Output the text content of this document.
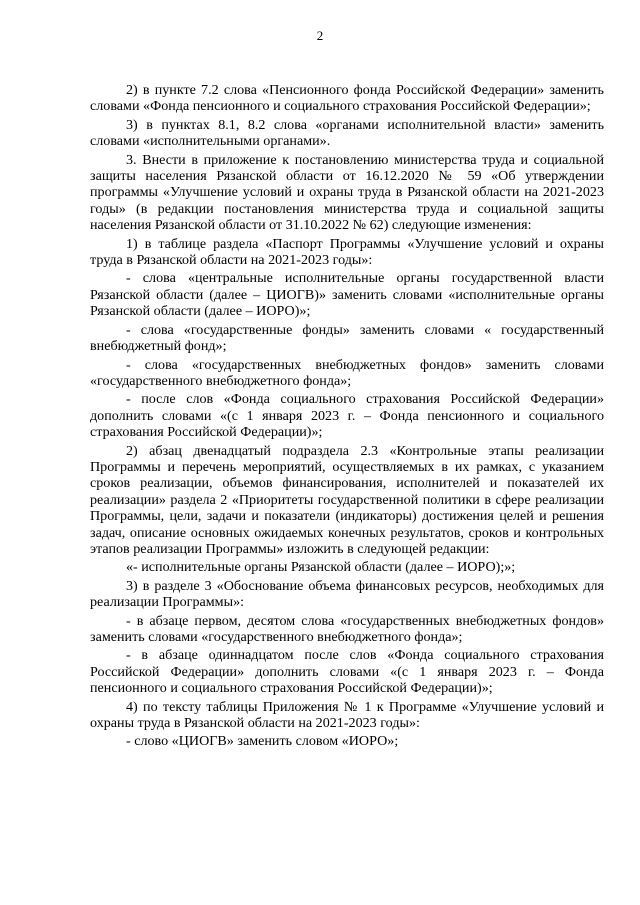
2

2) в пункте 7.2 слова «Пенсионного фонда Российской Федерации» заменить словами «Фонда пенсионного и социального страхования Российской Федерации»;

3) в пунктах 8.1, 8.2 слова «органами исполнительной власти» заменить словами «исполнительными органами».

3. Внести в приложение к постановлению министерства труда и социальной защиты населения Рязанской области от 16.12.2020 № 59 «Об утверждении программы «Улучшение условий и охраны труда в Рязанской области на 2021-2023 годы» (в редакции постановления министерства труда и социальной защиты населения Рязанской области от 31.10.2022 № 62) следующие изменения:

1) в таблице раздела «Паспорт Программы «Улучшение условий и охраны труда в Рязанской области на 2021-2023 годы»:

- слова «центральные исполнительные органы государственной власти Рязанской области (далее – ЦИОГВ)» заменить словами «исполнительные органы Рязанской области (далее – ИОРО)»;

- слова «государственные фонды» заменить словами « государственный внебюджетный фонд»;

- слова «государственных внебюджетных фондов» заменить словами «государственного внебюджетного фонда»;

- после слов «Фонда социального страхования Российской Федерации» дополнить словами «(с 1 января 2023 г. – Фонда пенсионного и социального страхования Российской Федерации)»;

2) абзац двенадцатый подраздела 2.3 «Контрольные этапы реализации Программы и перечень мероприятий, осуществляемых в их рамках, с указанием сроков реализации, объемов финансирования, исполнителей и показателей их реализации» раздела 2 «Приоритеты государственной политики в сфере реализации Программы, цели, задачи и показатели (индикаторы) достижения целей и решения задач, описание основных ожидаемых конечных результатов, сроков и контрольных этапов реализации Программы» изложить в следующей редакции:

«- исполнительные органы Рязанской области (далее – ИОРО);»;

3) в разделе 3 «Обоснование объема финансовых ресурсов, необходимых для реализации Программы»:

- в абзаце первом, десятом слова «государственных внебюджетных фондов» заменить словами «государственного внебюджетного фонда»;

- в абзаце одиннадцатом после слов «Фонда социального страхования Российской Федерации» дополнить словами «(с 1 января 2023 г. – Фонда пенсионного и социального страхования Российской Федерации)»;

4) по тексту таблицы Приложения № 1 к Программе «Улучшение условий и охраны труда в Рязанской области на 2021-2023 годы»:

- слово «ЦИОГВ» заменить словом «ИОРО»;
